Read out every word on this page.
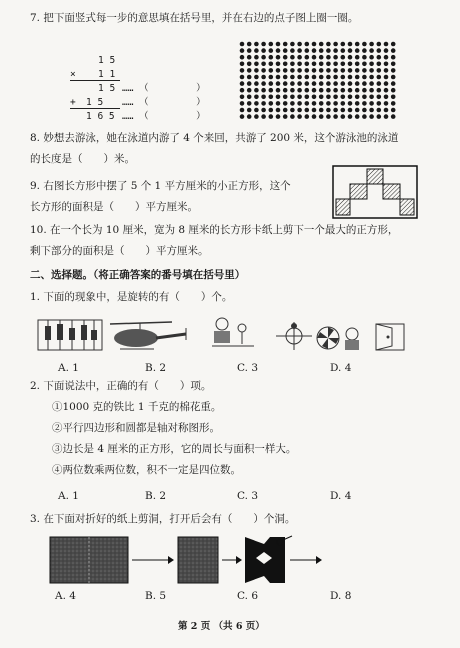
7. 把下面竖式每一步的意思填在括号里，并在右边的点子图上圈一圈。
1 5
× 1 1
1 5 …… （　　　　　）
+ 1 5 …… （　　　　　）
1 6 5 …… （　　　　　）
8. 妙想去游泳，她在泳道内游了 4 个来回，共游了 200 米，这个游泳池的泳道
的长度是（　　）米。
9. 右图长方形中摆了 5 个 1 平方厘米的小正方形，这个
长方形的面积是（　　）平方厘米。
10. 在一个长为 10 厘米，宽为 8 厘米的长方形卡纸上剪下一个最大的正方形，
剩下部分的面积是（　　）平方厘米。
二、选择题。（将正确答案的番号填在括号里）
1. 下面的现象中，是旋转的有（　　）个。
A. 1	B. 2	C. 3	D. 4
2. 下面说法中，正确的有（　　）项。
①1000 克的铁比 1 千克的棉花重。
②平行四边形和圆都是轴对称图形。
③边长是 4 厘米的正方形，它的周长与面积一样大。
④两位数乘两位数，积不一定是四位数。
A. 1	B. 2	C. 3	D. 4
3. 在下面对折好的纸上剪洞，打开后会有（　　）个洞。
A. 4	B. 5	C. 6	D. 8
第 2 页 （共 6 页）
